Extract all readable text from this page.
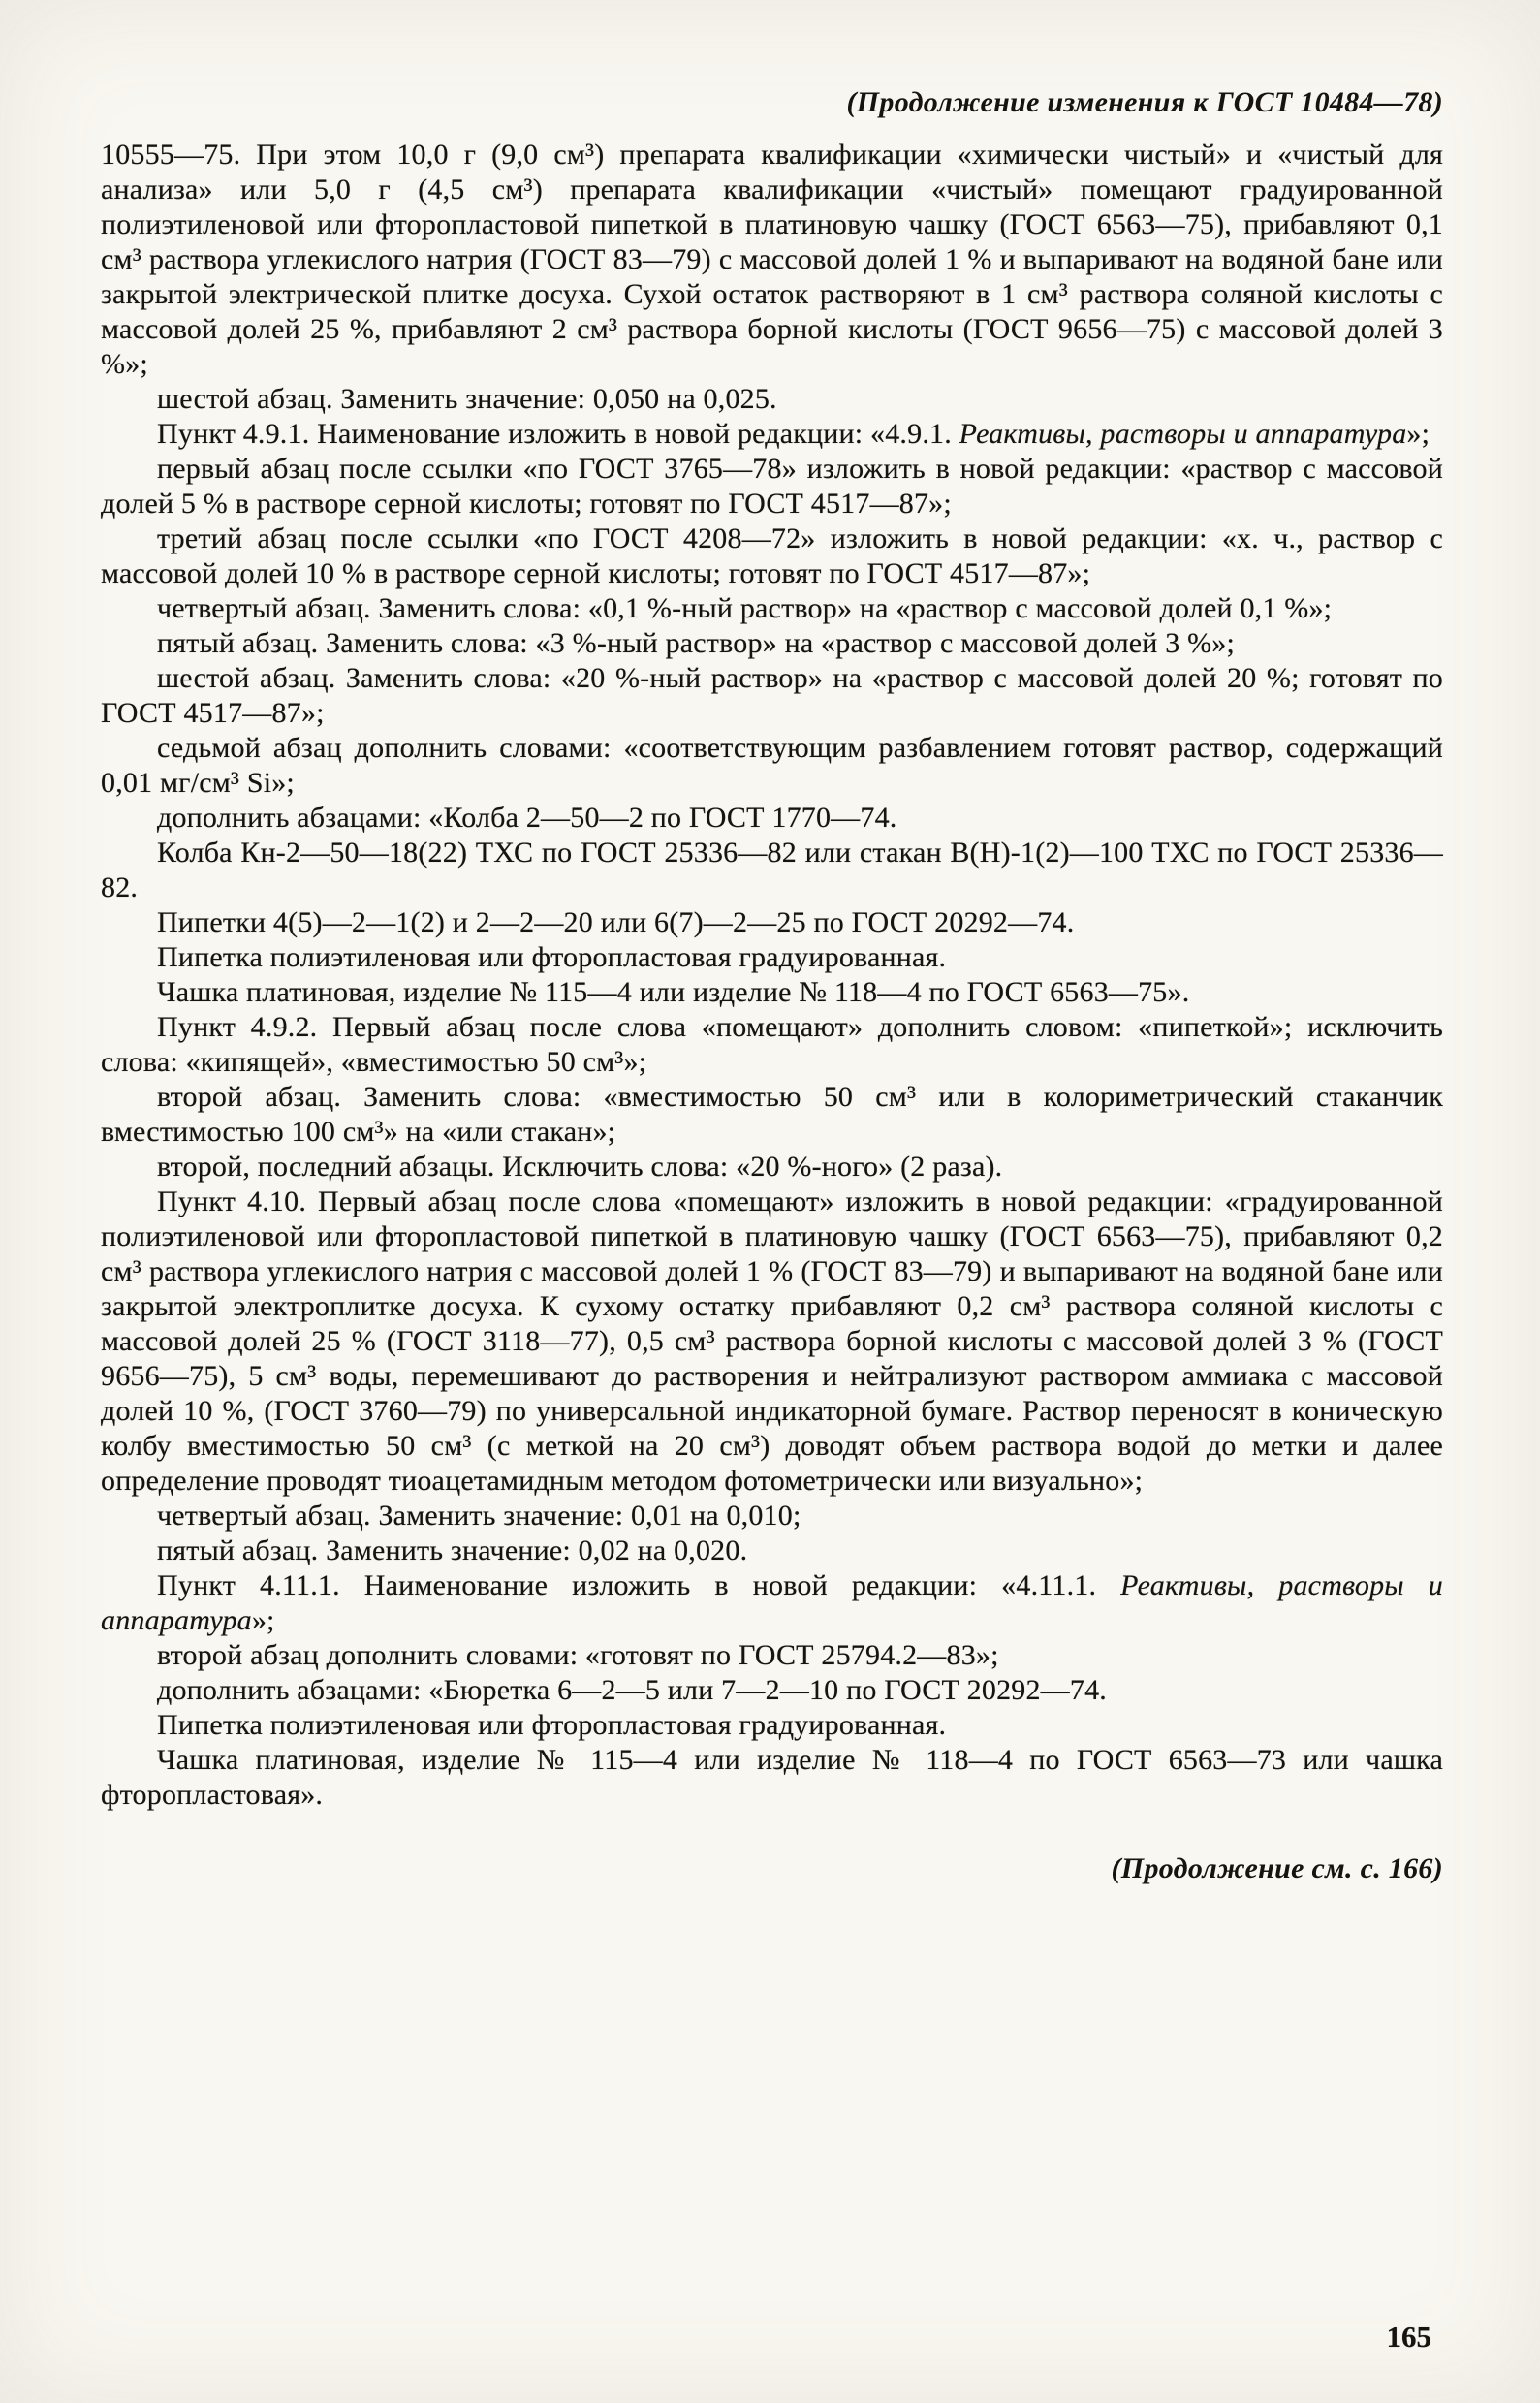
(Продолжение изменения к ГОСТ 10484—78)

10555—75. При этом 10,0 г (9,0 см³) препарата квалификации «химически чистый» и «чистый для анализа» или 5,0 г (4,5 см³) препарата квалификации «чистый» помещают градуированной полиэтиленовой или фторопластовой пипеткой в платиновую чашку (ГОСТ 6563—75), прибавляют 0,1 см³ раствора углекислого натрия (ГОСТ 83—79) с массовой долей 1 % и выпаривают на водяной бане или закрытой электрической плитке досуха. Сухой остаток растворяют в 1 см³ раствора соляной кислоты с массовой долей 25 %, прибавляют 2 см³ раствора борной кислоты (ГОСТ 9656—75) с массовой долей 3 %»;

шестой абзац. Заменить значение: 0,050 на 0,025.

Пункт 4.9.1. Наименование изложить в новой редакции: «4.9.1. Реактивы, растворы и аппаратура»;

первый абзац после ссылки «по ГОСТ 3765—78» изложить в новой редакции: «раствор с массовой долей 5 % в растворе серной кислоты; готовят по ГОСТ 4517—87»;

третий абзац после ссылки «по ГОСТ 4208—72» изложить в новой редакции: «х. ч., раствор с массовой долей 10 % в растворе серной кислоты; готовят по ГОСТ 4517—87»;

четвертый абзац. Заменить слова: «0,1 %-ный раствор» на «раствор с массовой долей 0,1 %»;

пятый абзац. Заменить слова: «3 %-ный раствор» на «раствор с массовой долей 3 %»;

шестой абзац. Заменить слова: «20 %-ный раствор» на «раствор с массовой долей 20 %; готовят по ГОСТ 4517—87»;

седьмой абзац дополнить словами: «соответствующим разбавлением готовят раствор, содержащий 0,01 мг/см³ Si»;

дополнить абзацами: «Колба 2—50—2 по ГОСТ 1770—74.

Колба Кн-2—50—18(22) ТХС по ГОСТ 25336—82 или стакан В(Н)-1(2)—100 ТХС по ГОСТ 25336—82.

Пипетки 4(5)—2—1(2) и 2—2—20 или 6(7)—2—25 по ГОСТ 20292—74.

Пипетка полиэтиленовая или фторопластовая градуированная.

Чашка платиновая, изделие № 115—4 или изделие № 118—4 по ГОСТ 6563—75».

Пункт 4.9.2. Первый абзац после слова «помещают» дополнить словом: «пипеткой»; исключить слова: «кипящей», «вместимостью 50 см³»;

второй абзац. Заменить слова: «вместимостью 50 см³ или в колориметрический стаканчик вместимостью 100 см³» на «или стакан»;

второй, последний абзацы. Исключить слова: «20 %-ного» (2 раза).

Пункт 4.10. Первый абзац после слова «помещают» изложить в новой редакции: «градуированной полиэтиленовой или фторопластовой пипеткой в платиновую чашку (ГОСТ 6563—75), прибавляют 0,2 см³ раствора углекислого натрия с массовой долей 1 % (ГОСТ 83—79) и выпаривают на водяной бане или закрытой электроплитке досуха. К сухому остатку прибавляют 0,2 см³ раствора соляной кислоты с массовой долей 25 % (ГОСТ 3118—77), 0,5 см³ раствора борной кислоты с массовой долей 3 % (ГОСТ 9656—75), 5 см³ воды, перемешивают до растворения и нейтрализуют раствором аммиака с массовой долей 10 %, (ГОСТ 3760—79) по универсальной индикаторной бумаге. Раствор переносят в коническую колбу вместимостью 50 см³ (с меткой на 20 см³) доводят объем раствора водой до метки и далее определение проводят тиоацетамидным методом фотометрически или визуально»;

четвертый абзац. Заменить значение: 0,01 на 0,010;

пятый абзац. Заменить значение: 0,02 на 0,020.

Пункт 4.11.1. Наименование изложить в новой редакции: «4.11.1. Реактивы, растворы и аппаратура»;

второй абзац дополнить словами: «готовят по ГОСТ 25794.2—83»;

дополнить абзацами: «Бюретка 6—2—5 или 7—2—10 по ГОСТ 20292—74.

Пипетка полиэтиленовая или фторопластовая градуированная.

Чашка платиновая, изделие № 115—4 или изделие № 118—4 по ГОСТ 6563—73 или чашка фторопластовая».

(Продолжение см. с. 166)
165
